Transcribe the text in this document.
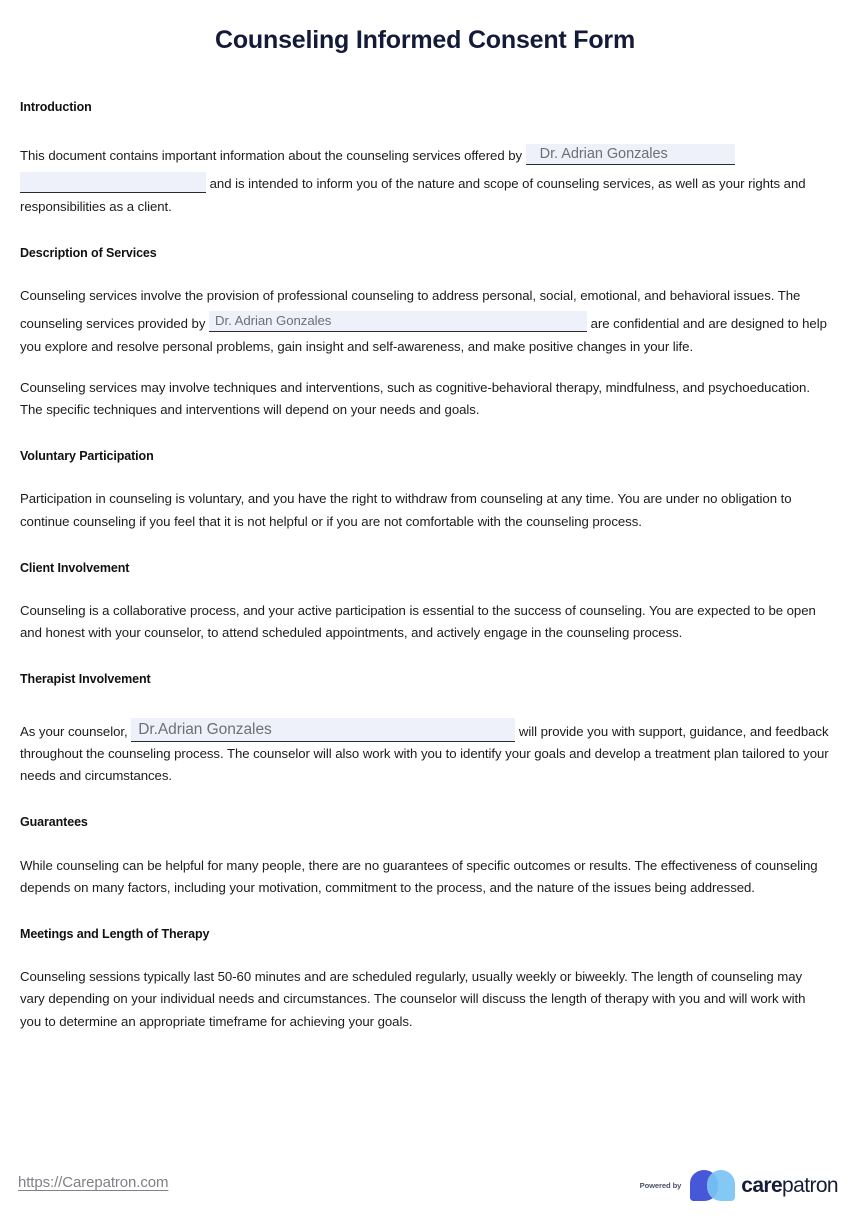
Counseling Informed Consent Form
Introduction

This document contains important information about the counseling services offered by Dr. Adrian Gonzales and is intended to inform you of the nature and scope of counseling services, as well as your rights and responsibilities as a client.

Description of Services

Counseling services involve the provision of professional counseling to address personal, social, emotional, and behavioral issues. The counseling services provided by Dr. Adrian Gonzales	are confidential and are designed to help you explore and resolve personal problems, gain insight and self-awareness, and make positive changes in your life.

Counseling services may involve techniques and interventions, such as cognitive-behavioral therapy, mindfulness, and psychoeducation. The specific techniques and interventions will depend on your needs and goals.

Voluntary Participation

Participation in counseling is voluntary, and you have the right to withdraw from counseling at any time. You are under no obligation to continue counseling if you feel that it is not helpful or if you are not comfortable with the counseling process.

Client Involvement

Counseling is a collaborative process, and your active participation is essential to the success of counseling. You are expected to be open and honest with your counselor, to attend scheduled appointments, and actively engage in the counseling process.

Therapist Involvement

As your counselor, Dr.Adrian Gonzales	will provide you with support, guidance, and feedback throughout the counseling process. The counselor will also work with you to identify your goals and develop a treatment plan tailored to your needs and circumstances.

Guarantees

While counseling can be helpful for many people, there are no guarantees of specific outcomes or results. The effectiveness of counseling depends on many factors, including your motivation, commitment to the process, and the nature of the issues being addressed.

Meetings and Length of Therapy

Counseling sessions typically last 50-60 minutes and are scheduled regularly, usually weekly or biweekly. The length of counseling may vary depending on your individual needs and circumstances. The counselor will discuss the length of therapy with you and will work with you to determine an appropriate timeframe for achieving your goals.

https://Carepatron.com	Powered by	carepatron
